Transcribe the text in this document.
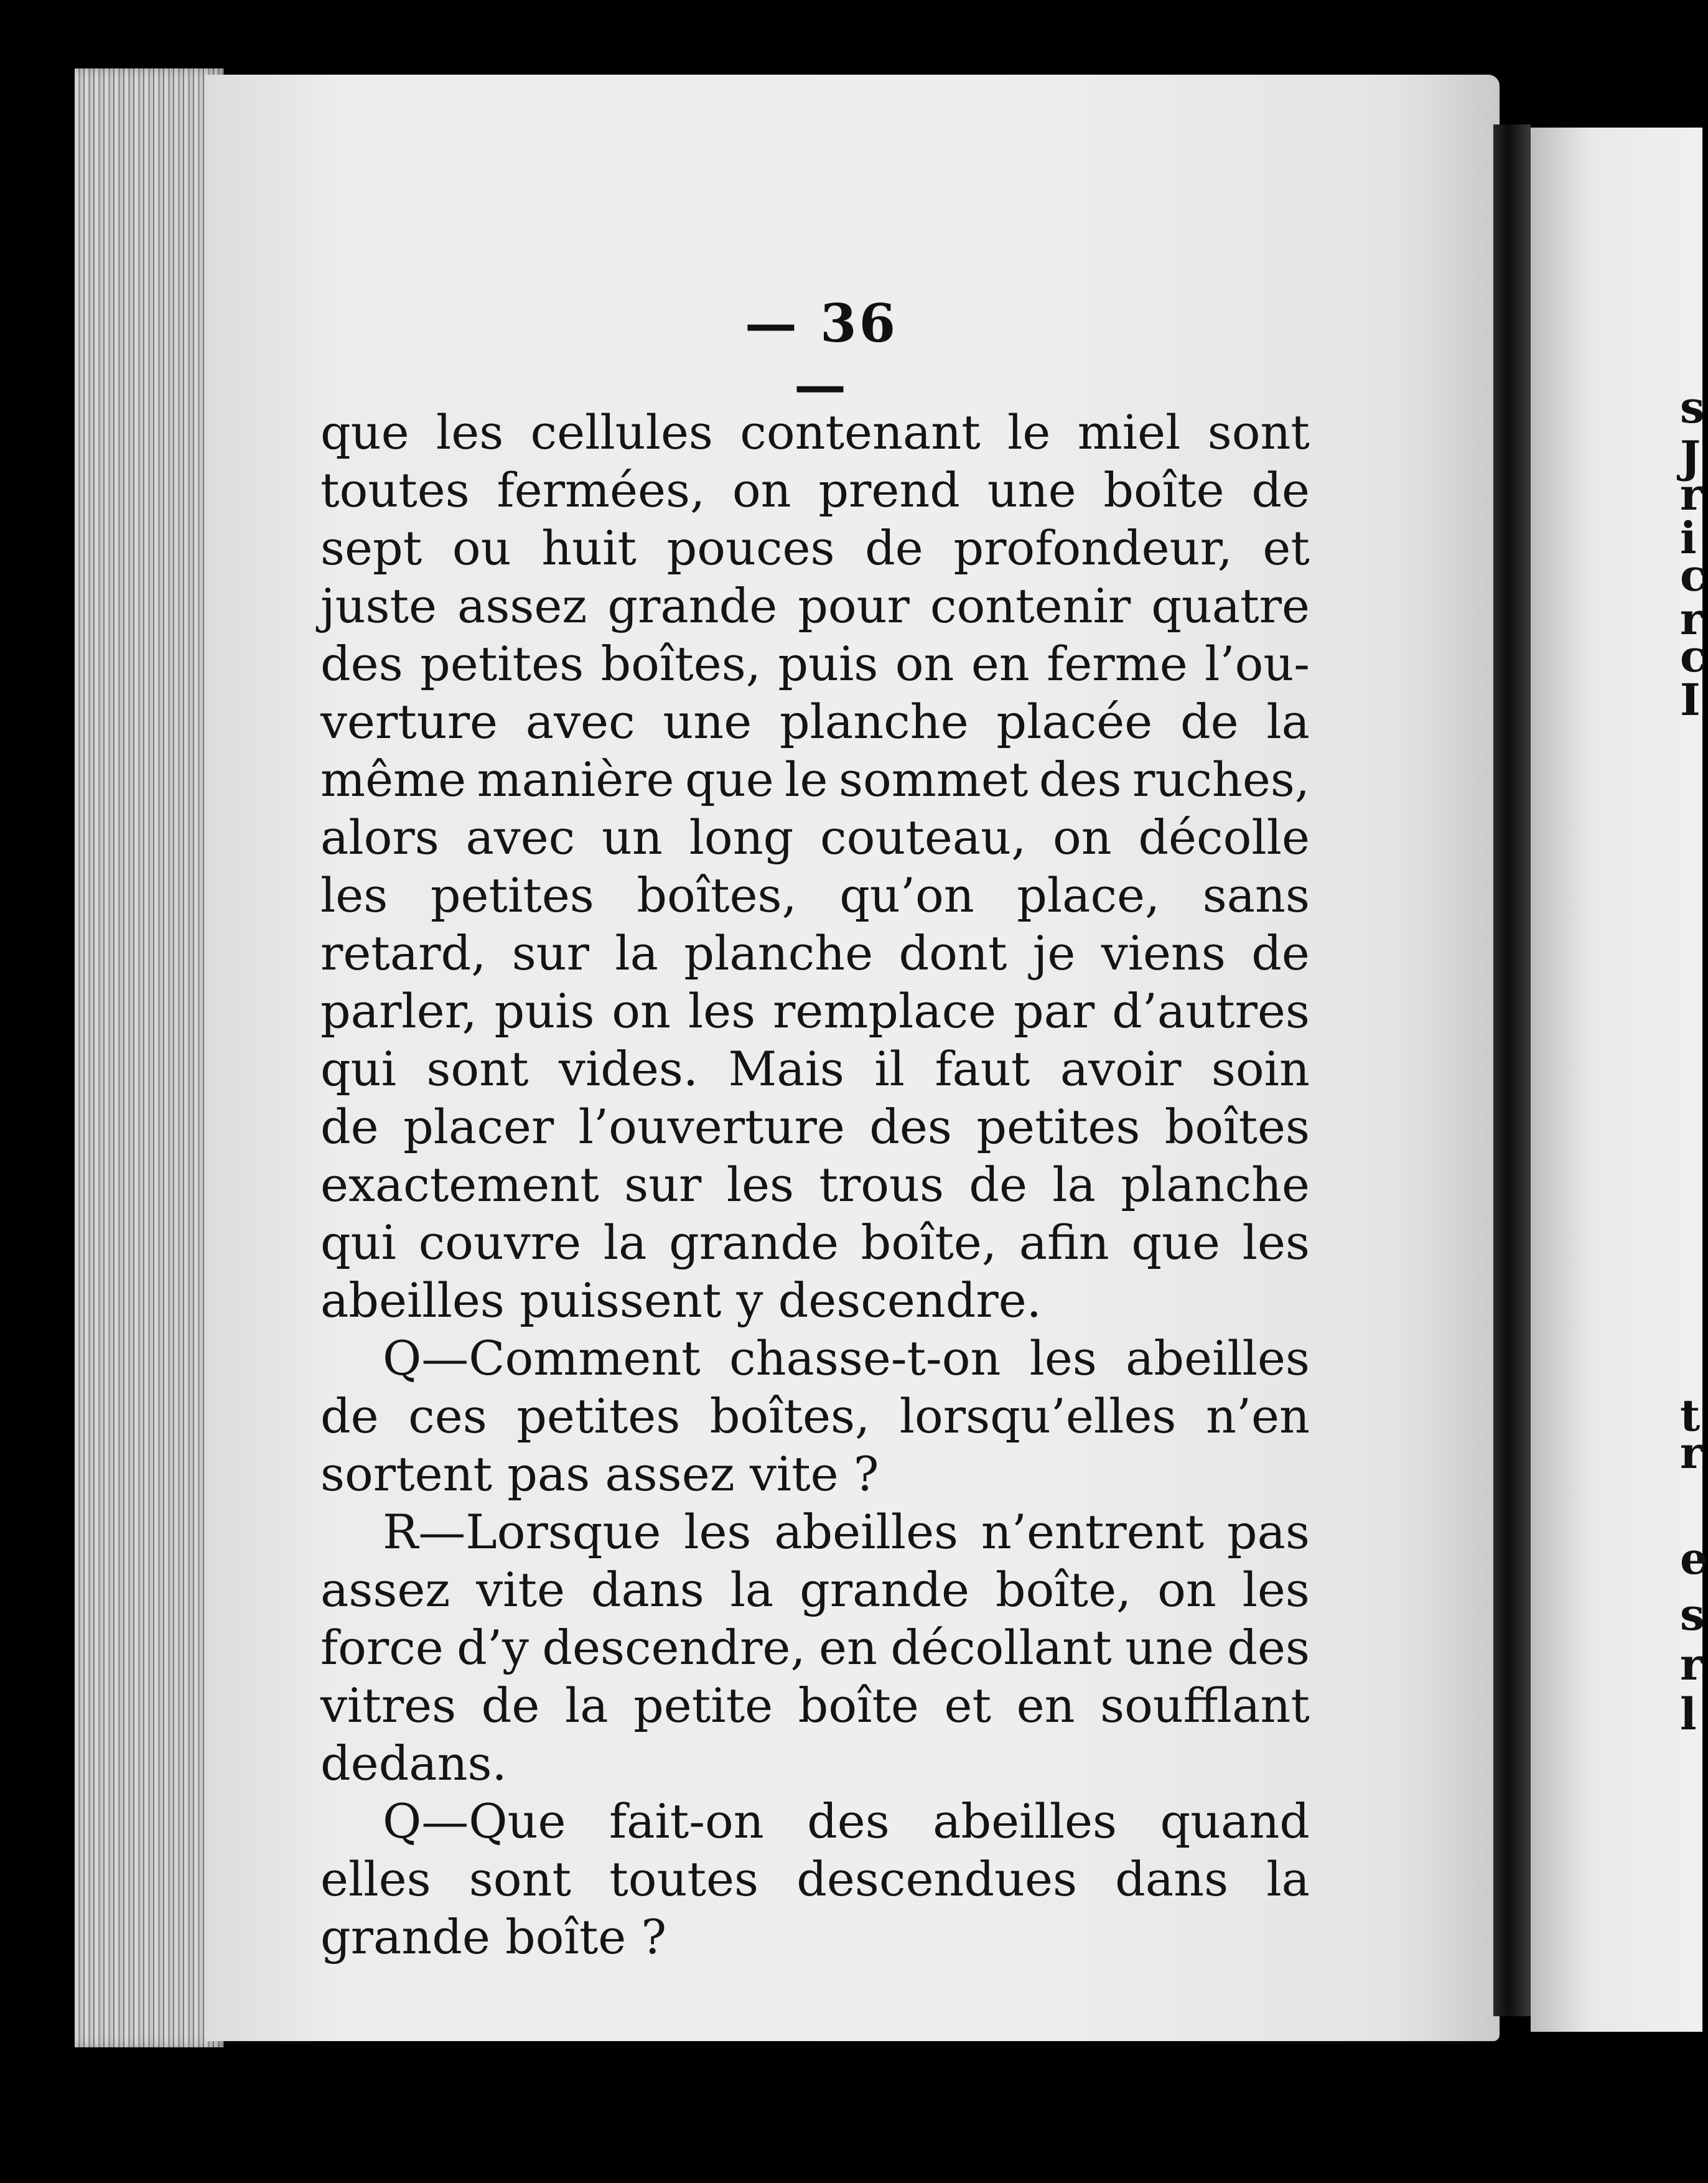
s
J
r
i
c
r
c
I
t
r
e
s
r
l
— 36 —
que les cellules contenant le miel sont
toutes fermées, on prend une boîte de
sept ou huit pouces de profondeur, et
juste assez grande pour contenir quatre
des petites boîtes, puis on en ferme l’ou-
verture avec une planche placée de la
même manière que le sommet des ruches,
alors avec un long couteau, on décolle
les petites boîtes, qu’on place, sans
retard, sur la planche dont je viens de
parler, puis on les remplace par d’autres
qui sont vides. Mais il faut avoir soin
de placer l’ouverture des petites boîtes
exactement sur les trous de la planche
qui couvre la grande boîte, afin que les
abeilles puissent y descendre.
Q—Comment chasse-t-on les abeilles
de ces petites boîtes, lorsqu’elles n’en
sortent pas assez vite ?
R—Lorsque les abeilles n’entrent pas
assez vite dans la grande boîte, on les
force d’y descendre, en décollant une des
vitres de la petite boîte et en soufflant
dedans.
Q—Que fait-on des abeilles quand
elles sont toutes descendues dans la
grande boîte ?
